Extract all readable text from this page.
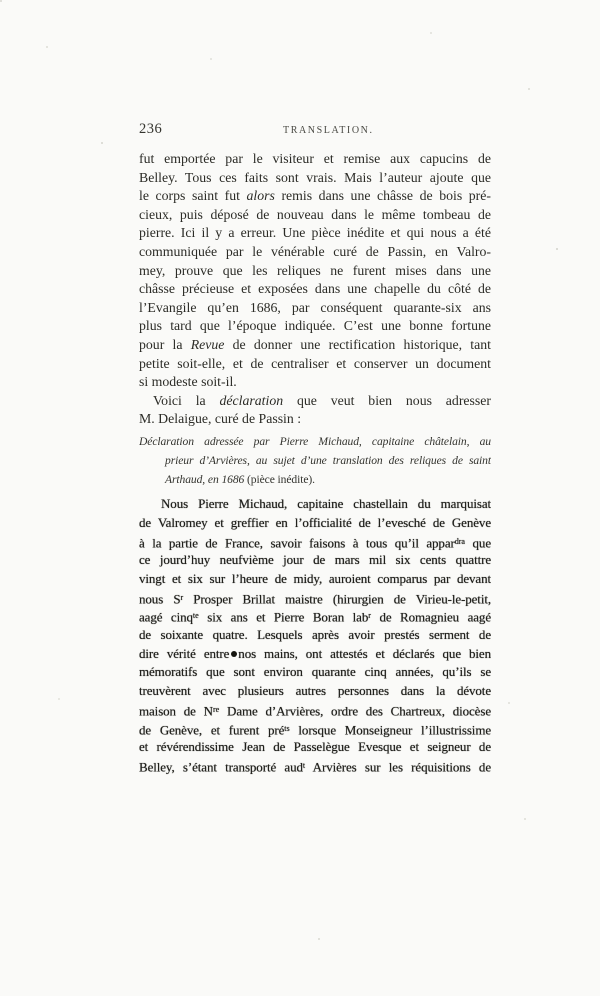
236	TRANSLATION.
fut emportée par le visiteur et remise aux capucins de
Belley. Tous ces faits sont vrais. Mais l’auteur ajoute que
le corps saint fut alors remis dans une châsse de bois pré-
cieux, puis déposé de nouveau dans le même tombeau de
pierre. Ici il y a erreur. Une pièce inédite et qui nous a été
communiquée par le vénérable curé de Passin, en Valro-
mey, prouve que les reliques ne furent mises dans une
châsse précieuse et exposées dans une chapelle du côté de
l’Evangile qu’en 1686, par conséquent quarante-six ans
plus tard que l’époque indiquée. C’est une bonne fortune
pour la Revue de donner une rectification historique, tant
petite soit-elle, et de centraliser et conserver un document
si modeste soit-il.
Voici la déclaration que veut bien nous adresser
M. Delaigue, curé de Passin :
Déclaration adressée par Pierre Michaud, capitaine châtelain, au
prieur d’Arvières, au sujet d’une translation des reliques de saint
Arthaud, en 1686 (pièce inédite).
Nous Pierre Michaud, capitaine chastellain du marquisat
de Valromey et greffier en l’officialité de l’evesché de Genève
à la partie de France, savoir faisons à tous qu’il appar$^{dra}$ que
ce jourd’huy neufvième jour de mars mil six cents quattre
vingt et six sur l’heure de midy, auroient comparus par devant
nous $S^r$ Prosper Brillat maistre (hirurgien de Virieu-le-petit,
aagé cinq$^{te}$ six ans et Pierre Boran lab$^r$ de Romagnieu aagé
de soixante quatre. Lesquels après avoir prestés serment de
dire vérité entre nos mains, ont attestés et déclarés que bien
mémoratifs que sont environ quarante cinq années, qu’ils se
treuvèrent avec plusieurs autres personnes dans la dévote
maison de $N^{re}$ Dame d’Arvières, ordre des Chartreux, diocèse
de Genève, et furent pré$^{ts}$ lorsque Monseigneur l’illustrissime
et révérendissime Jean de Passelègue Evesque et seigneur de
Belley, s’étant transporté aud$^t$ Arvières sur les réquisitions de
